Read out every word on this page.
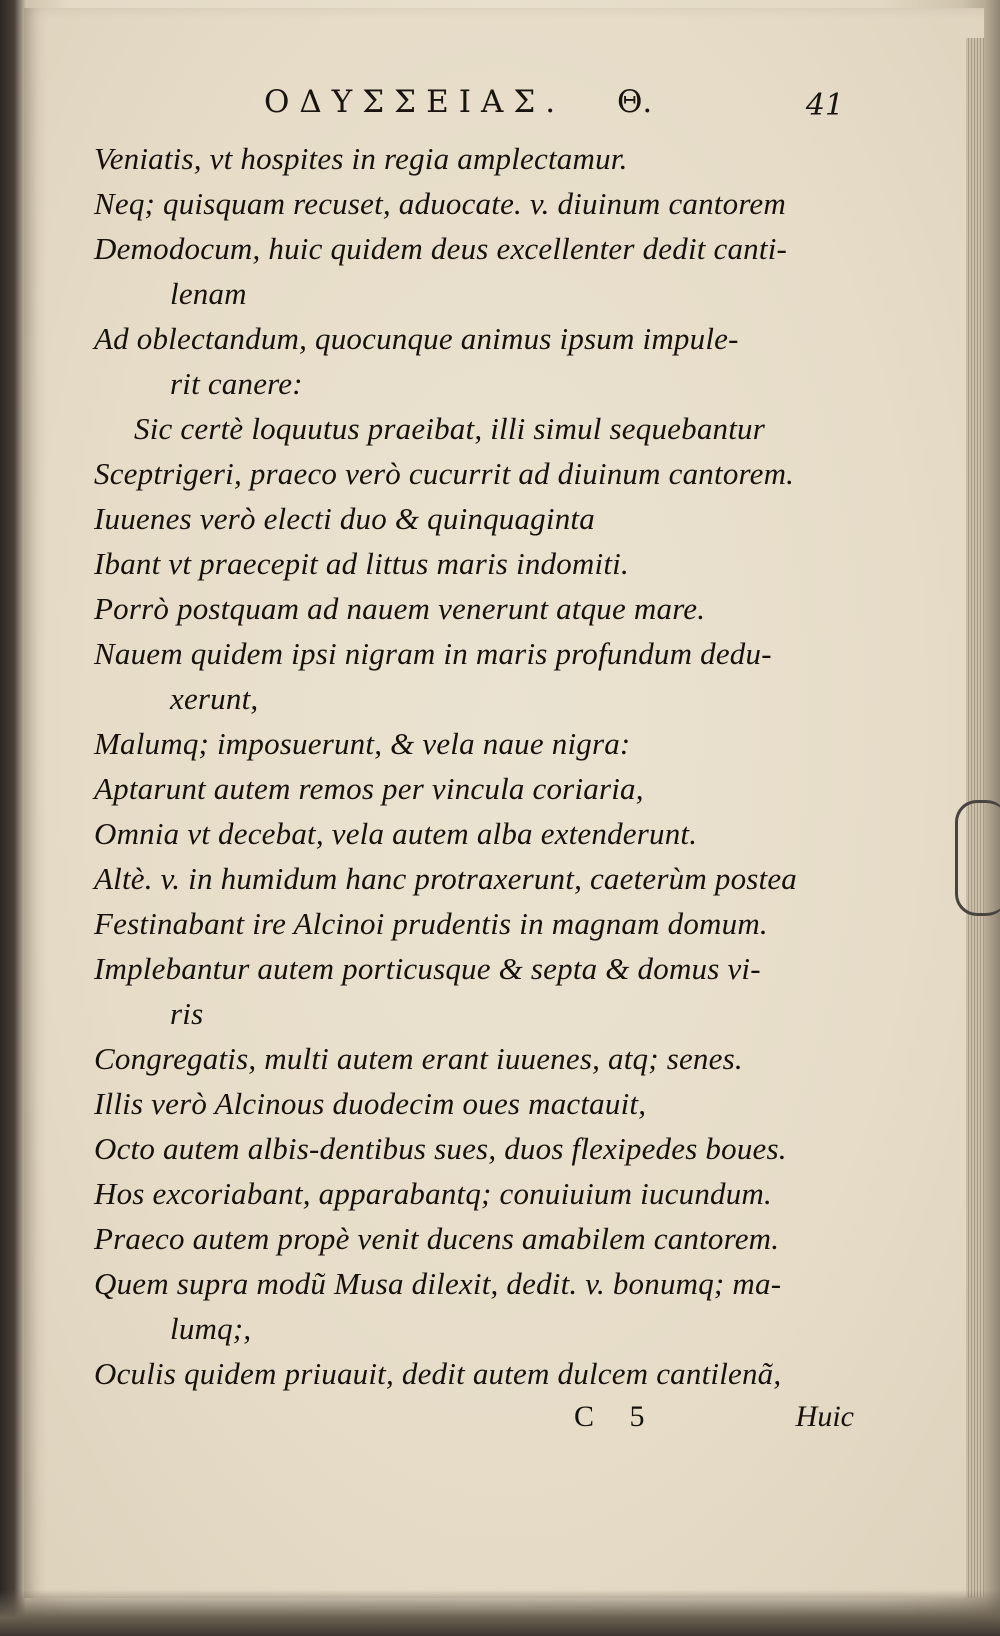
ΟΔΥΣΣΕΙΑΣ. Θ.	41
Veniatis, vt hospites in regia amplectamur.
Neq; quisquam recuset, aduocate. v. diuinum cantorem
Demodocum, huic quidem deus excellenter dedit canti-
lenam
Ad oblectandum, quocunque animus ipsum impule-
rit canere:
Sic certè loquutus praeibat, illi simul sequebantur
Sceptrigeri, praeco verò cucurrit ad diuinum cantorem.
Iuuenes verò electi duo & quinquaginta
Ibant vt praecepit ad littus maris indomiti.
Porrò postquam ad nauem venerunt atque mare.
Nauem quidem ipsi nigram in maris profundum dedu-
xerunt,
Malumq; imposuerunt, & vela naue nigra:
Aptarunt autem remos per vincula coriaria,
Omnia vt decebat, vela autem alba extenderunt.
Altè. v. in humidum hanc protraxerunt, caeterùm postea
Festinabant ire Alcinoi prudentis in magnam domum.
Implebantur autem porticusque & septa & domus vi-
ris
Congregatis, multi autem erant iuuenes, atq; senes.
Illis verò Alcinous duodecim oues mactauit,
Octo autem albis-dentibus sues, duos flexipedes boues.
Hos excoriabant, apparabantq; conuiuium iucundum.
Praeco autem propè venit ducens amabilem cantorem.
Quem supra modũ Musa dilexit, dedit. v. bonumq; ma-
lumq;,
Oculis quidem priuauit, dedit autem dulcem cantilenã,
C 5	Huic
